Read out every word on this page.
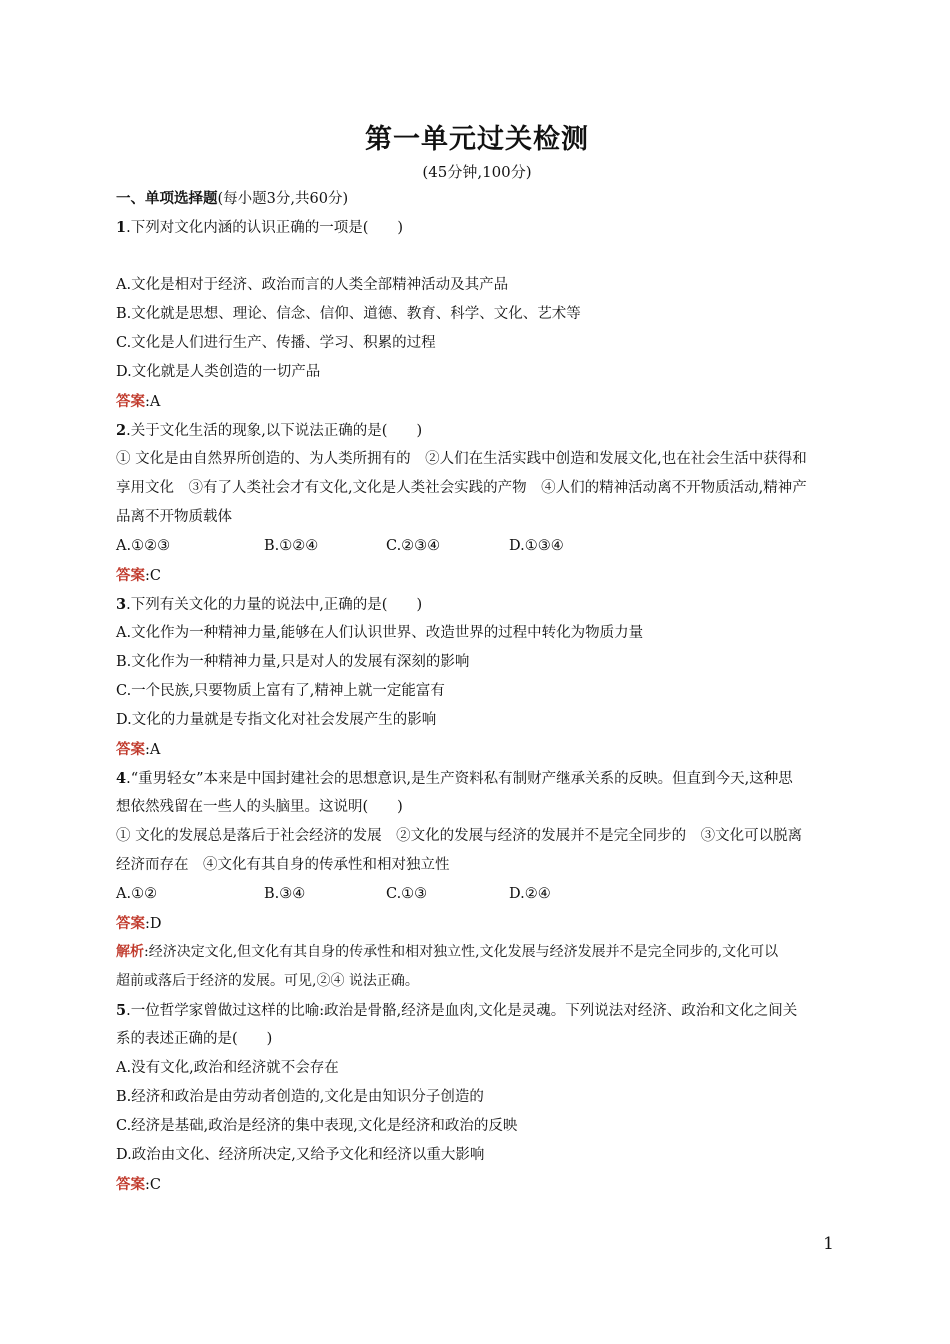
第一单元过关检测
(45分钟,100分)
一、单项选择题(每小题3分,共60分)
1.下列对文化内涵的认识正确的一项是(　　)
A.文化是相对于经济、政治而言的人类全部精神活动及其产品
B.文化就是思想、理论、信念、信仰、道德、教育、科学、文化、艺术等
C.文化是人们进行生产、传播、学习、积累的过程
D.文化就是人类创造的一切产品
答案:A
2.关于文化生活的现象,以下说法正确的是(　　)
① 文化是由自然界所创造的、为人类所拥有的　②人们在生活实践中创造和发展文化,也在社会生活中获得和
享用文化　③有了人类社会才有文化,文化是人类社会实践的产物　④人们的精神活动离不开物质活动,精神产
品离不开物质载体
A.①②③	B.①②④	C.②③④	D.①③④
答案:C
3.下列有关文化的力量的说法中,正确的是(　　)
A.文化作为一种精神力量,能够在人们认识世界、改造世界的过程中转化为物质力量
B.文化作为一种精神力量,只是对人的发展有深刻的影响
C.一个民族,只要物质上富有了,精神上就一定能富有
D.文化的力量就是专指文化对社会发展产生的影响
答案:A
4.“重男轻女”本来是中国封建社会的思想意识,是生产资料私有制财产继承关系的反映。但直到今天,这种思
想依然残留在一些人的头脑里。这说明(　　)
① 文化的发展总是落后于社会经济的发展　②文化的发展与经济的发展并不是完全同步的　③文化可以脱离
经济而存在　④文化有其自身的传承性和相对独立性
A.①②	B.③④	C.①③	D.②④
答案:D
解析:经济决定文化,但文化有其自身的传承性和相对独立性,文化发展与经济发展并不是完全同步的,文化可以
超前或落后于经济的发展。可见,②④ 说法正确。
5.一位哲学家曾做过这样的比喻:政治是骨骼,经济是血肉,文化是灵魂。下列说法对经济、政治和文化之间关
系的表述正确的是(　　)
A.没有文化,政治和经济就不会存在
B.经济和政治是由劳动者创造的,文化是由知识分子创造的
C.经济是基础,政治是经济的集中表现,文化是经济和政治的反映
D.政治由文化、经济所决定,又给予文化和经济以重大影响
答案:C
1
